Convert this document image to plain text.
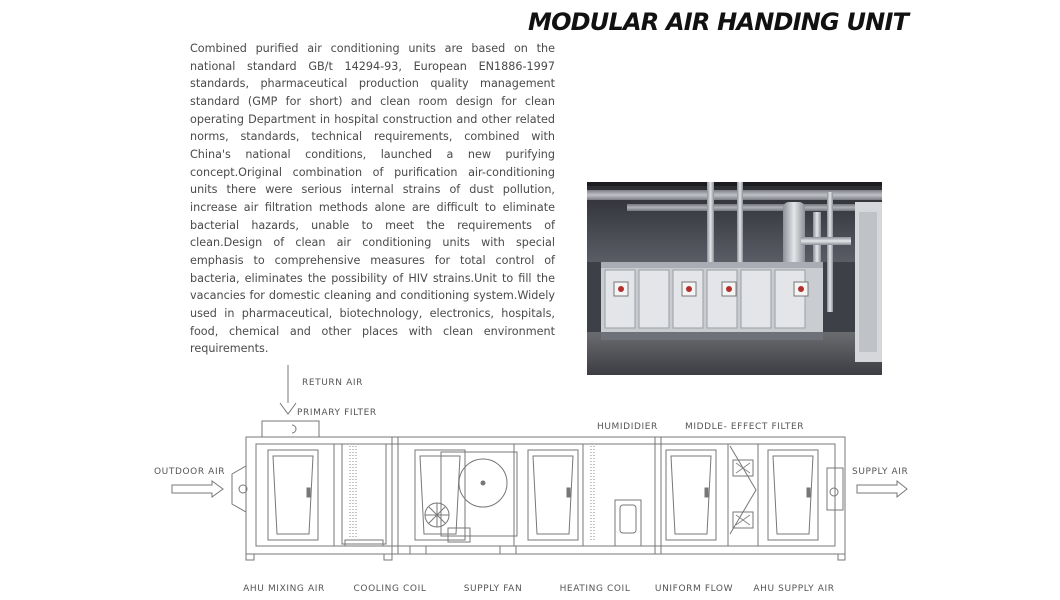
MODULAR AIR HANDING UNIT

Combined purified air conditioning units are based on the national standard GB/t 14294-93, European EN1886-1997 standards, pharmaceutical production quality management standard (GMP for short) and clean room design for clean operating Department in hospital construction and other related norms, standards, technical requirements, combined with China's national conditions, launched a new purifying concept.Original combination of purification air-conditioning units there were serious internal strains of dust pollution, increase air filtration methods alone are difficult to eliminate bacterial hazards, unable to meet the requirements of clean.Design of clean air conditioning units with special emphasis to comprehensive measures for total control of bacteria, eliminates the possibility of HIV strains.Unit to fill the vacancies for domestic cleaning and conditioning system.Widely used in pharmaceutical, biotechnology, electronics, hospitals, food, chemical and other places with clean environment requirements.

RETURN AIR
PRIMARY FILTER
OUTDOOR AIR	SUPPLY AIR
HUMIDIDIER	MIDDLE- EFFECT FILTER
AHU MIXING AIR	COOLING COIL	SUPPLY FAN	HEATING COIL	UNIFORM FLOW AHU SUPPLY AIR
